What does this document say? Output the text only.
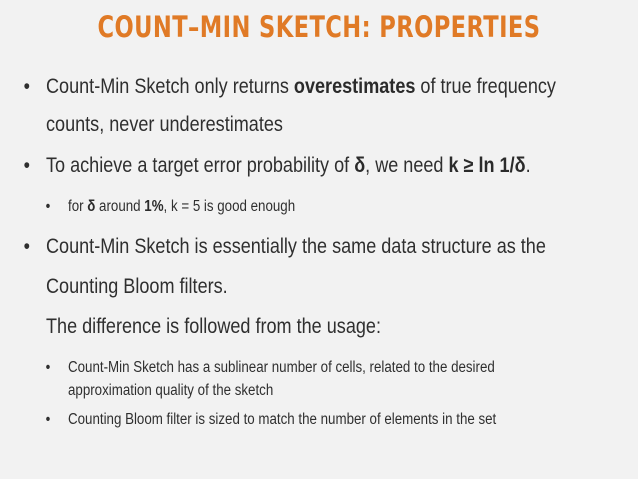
COUNT–MIN SKETCH: PROPERTIES
• Count-Min Sketch only returns overestimates of true frequency
counts, never underestimates
• To achieve a target error probability of δ, we need k ≥ ln 1/δ.
• for δ around 1%, k = 5 is good enough
• Count-Min Sketch is essentially the same data structure as the
Counting Bloom filters.
The difference is followed from the usage:
• Count-Min Sketch has a sublinear number of cells, related to the desired
approximation quality of the sketch
• Counting Bloom filter is sized to match the number of elements in the set
